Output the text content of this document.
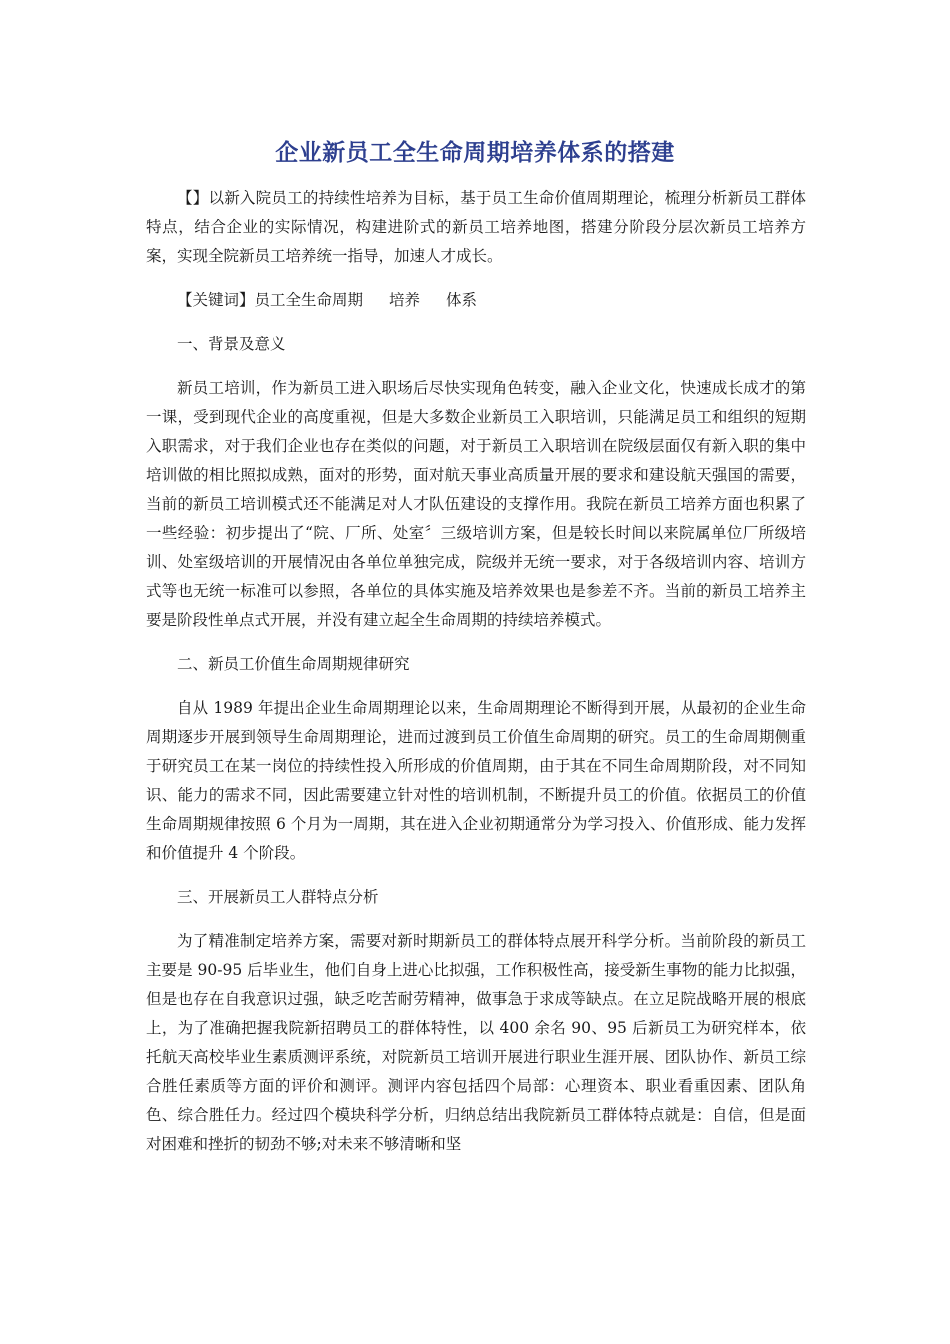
企业新员工全生命周期培养体系的搭建

【】以新入院员工的持续性培养为目标，基于员工生命价值周期理论，梳理分析新员工群体特点，结合企业的实际情况，构建进阶式的新员工培养地图，搭建分阶段分层次新员工培养方案，实现全院新员工培养统一指导，加速人才成长。

【关键词】员工全生命周期 培养 体系

一、背景及意义

新员工培训，作为新员工进入职场后尽快实现角色转变，融入企业文化，快速成长成才的第一课，受到现代企业的高度重视，但是大多数企业新员工入职培训，只能满足员工和组织的短期入职需求，对于我们企业也存在类似的问题，对于新员工入职培训在院级层面仅有新入职的集中培训做的相比照拟成熟，面对的形势，面对航天事业高质量开展的要求和建设航天强国的需要，当前的新员工培训模式还不能满足对人才队伍建设的支撑作用。我院在新员工培养方面也积累了一些经验：初步提出了“院、厂所、处室〞三级培训方案，但是较长时间以来院属单位厂所级培训、处室级培训的开展情况由各单位单独完成，院级并无统一要求，对于各级培训内容、培训方式等也无统一标准可以参照，各单位的具体实施及培养效果也是参差不齐。当前的新员工培养主要是阶段性单点式开展，并没有建立起全生命周期的持续培养模式。

二、新员工价值生命周期规律研究

自从 1989 年提出企业生命周期理论以来，生命周期理论不断得到开展，从最初的企业生命周期逐步开展到领导生命周期理论，进而过渡到员工价值生命周期的研究。员工的生命周期侧重于研究员工在某一岗位的持续性投入所形成的价值周期，由于其在不同生命周期阶段，对不同知识、能力的需求不同，因此需要建立针对性的培训机制，不断提升员工的价值。依据员工的价值生命周期规律按照 6 个月为一周期，其在进入企业初期通常分为学习投入、价值形成、能力发挥和价值提升 4 个阶段。

三、开展新员工人群特点分析

为了精准制定培养方案，需要对新时期新员工的群体特点展开科学分析。当前阶段的新员工主要是 90-95 后毕业生，他们自身上进心比拟强，工作积极性高，接受新生事物的能力比拟强，但是也存在自我意识过强，缺乏吃苦耐劳精神，做事急于求成等缺点。在立足院战略开展的根底上，为了准确把握我院新招聘员工的群体特性，以 400 余名 90、95 后新员工为研究样本，依托航天高校毕业生素质测评系统，对院新员工培训开展进行职业生涯开展、团队协作、新员工综合胜任素质等方面的评价和测评。测评内容包括四个局部：心理资本、职业看重因素、团队角色、综合胜任力。经过四个模块科学分析，归纳总结出我院新员工群体特点就是：自信，但是面对困难和挫折的韧劲不够;对未来不够清晰和坚
